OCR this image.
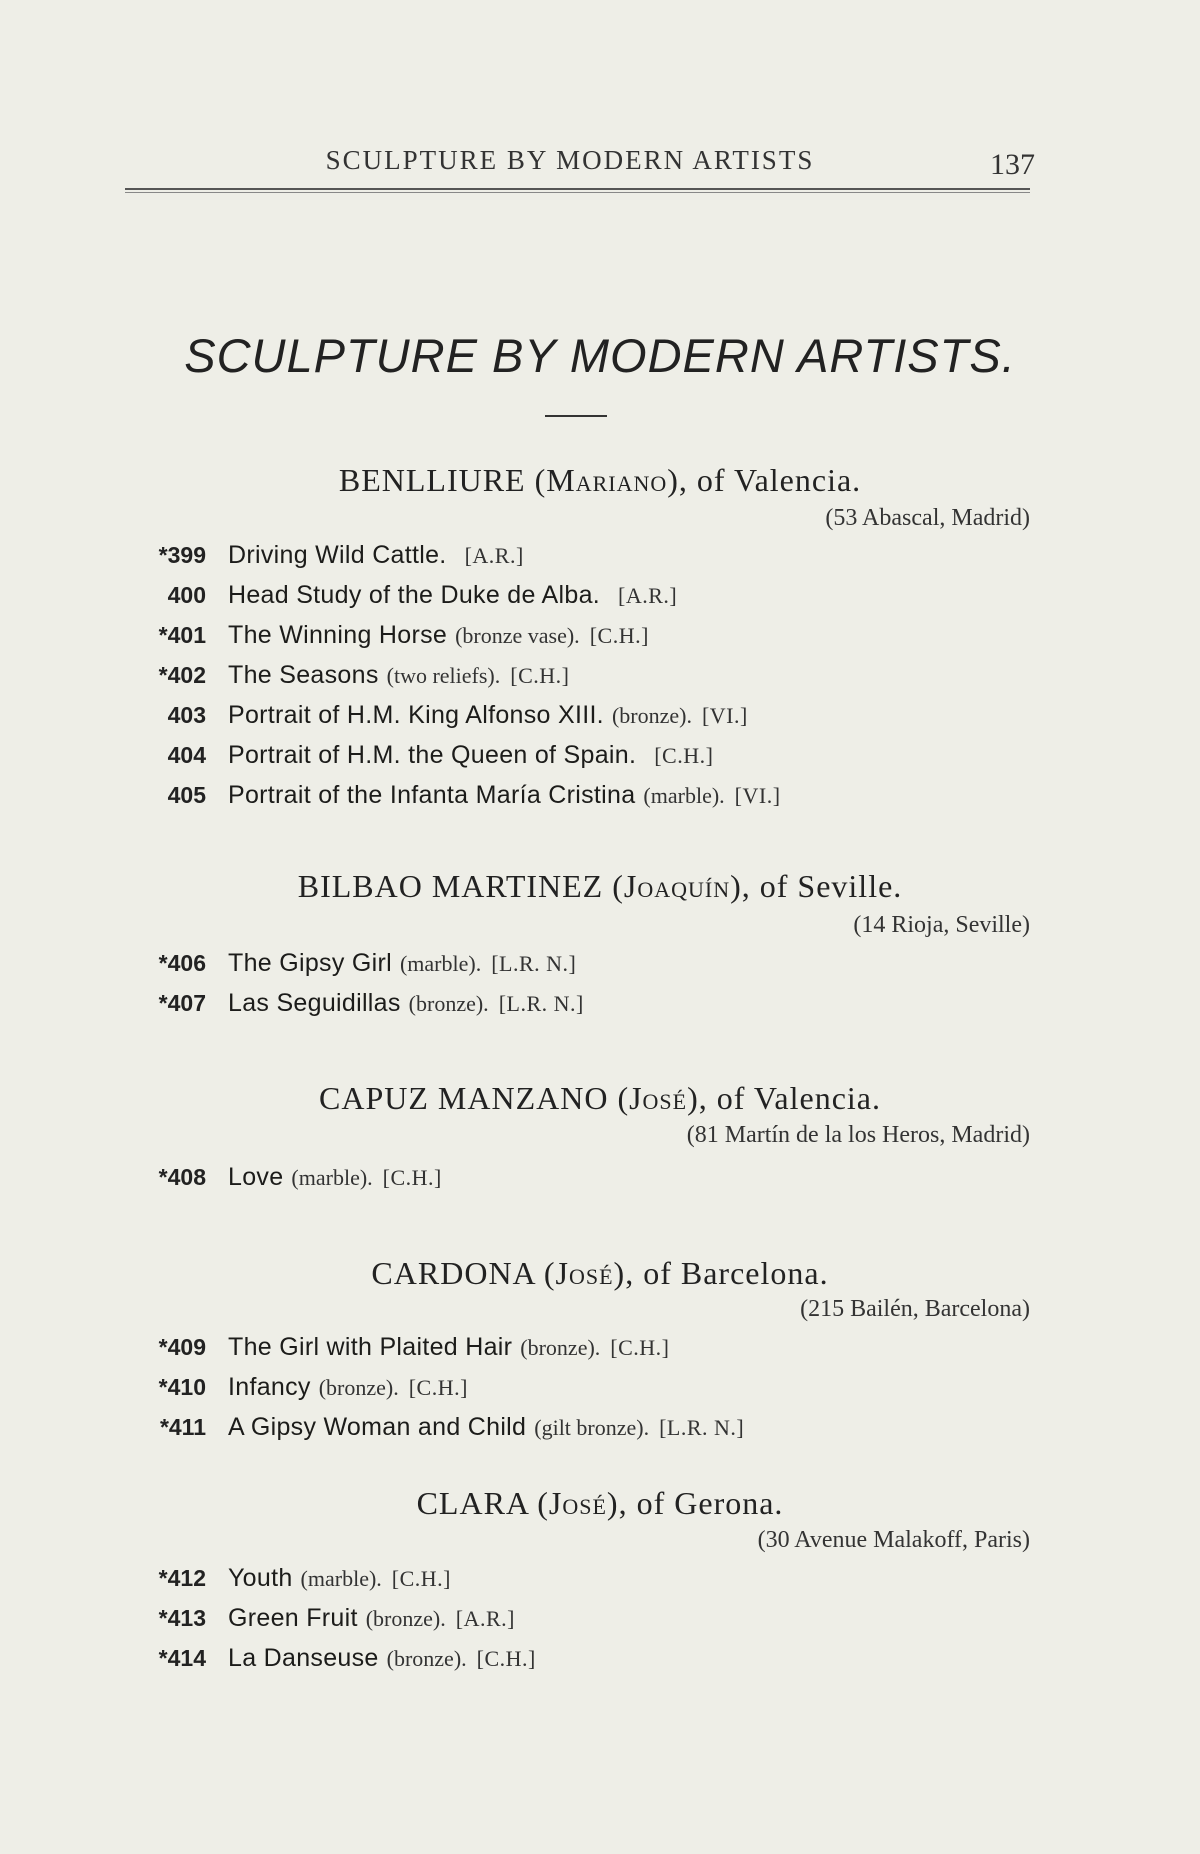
SCULPTURE BY MODERN ARTISTS	137
SCULPTURE BY MODERN ARTISTS.
BENLLIURE (Mariano), of Valencia.
(53 Abascal, Madrid)
*399 Driving Wild Cattle. [A.R.]
400 Head Study of the Duke de Alba. [A.R.]
*401 The Winning Horse (bronze vase). [C.H.]
*402 The Seasons (two reliefs). [C.H.]
403 Portrait of H.M. King Alfonso XIII. (bronze). [VI.]
404 Portrait of H.M. the Queen of Spain. [C.H.]
405 Portrait of the Infanta María Cristina (marble). [VI.]
BILBAO MARTINEZ (Joaquín), of Seville.
(14 Rioja, Seville)
*406 The Gipsy Girl (marble). [L.R. N.]
*407 Las Seguidillas (bronze). [L.R. N.]
CAPUZ MANZANO (José), of Valencia.
(81 Martín de la los Heros, Madrid)
*408 Love (marble). [C.H.]
CARDONA (José), of Barcelona.
(215 Bailén, Barcelona)
*409 The Girl with Plaited Hair (bronze). [C.H.]
*410 Infancy (bronze). [C.H.]
*411 A Gipsy Woman and Child (gilt bronze). [L.R. N.]
CLARA (José), of Gerona.
(30 Avenue Malakoff, Paris)
*412 Youth (marble). [C.H.]
*413 Green Fruit (bronze). [A.R.]
*414 La Danseuse (bronze). [C.H.]
